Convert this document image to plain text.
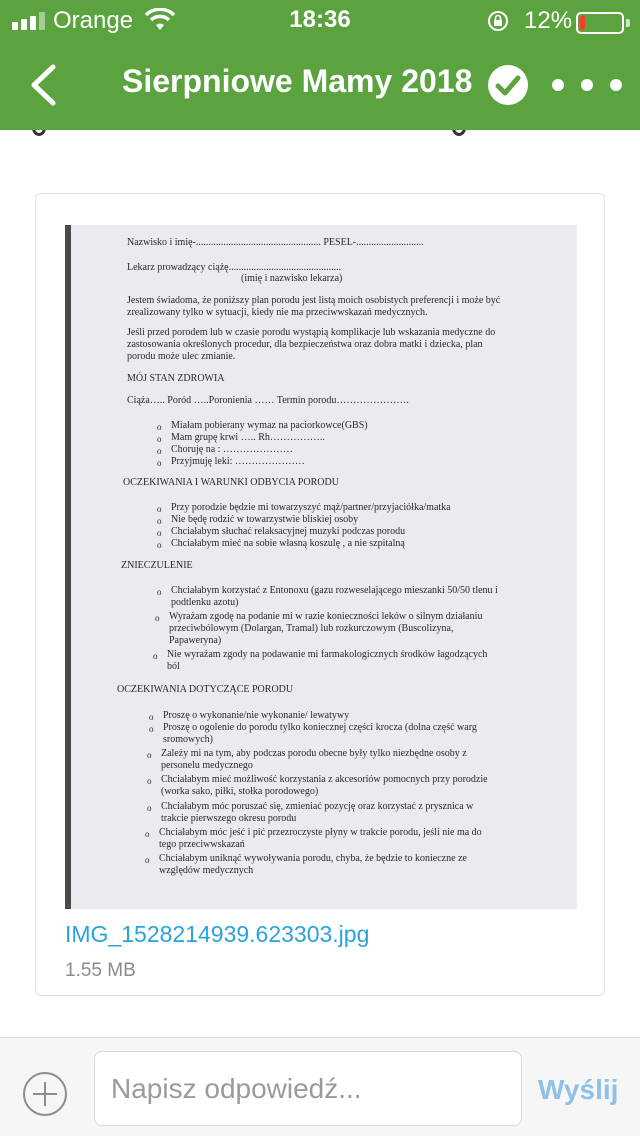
Orange	18:36	12%
Sierpniowe Mamy 2018
Nazwisko i imię-.................................................. PESEL-...........................
Lekarz prowadzący ciążę.............................................
(imię i nazwisko lekarza)
Jestem świadoma, że poniższy plan porodu jest listą moich osobistych preferencji i może być
zrealizowany tylko w sytuacji, kiedy nie ma przeciwwskazań medycznych.
Jeśli przed porodem lub w czasie porodu wystąpią komplikacje lub wskazania medyczne do
zastosowania określonych procedur, dla bezpieczeństwa oraz dobra matki i dziecka, plan
porodu może ulec zmianie.
MÓJ STAN ZDROWIA
Ciąża….. Poród …..Poronienia …… Termin porodu………………….
o Miałam pobierany wymaz na paciorkowce(GBS)
o Mam grupę krwi ….. Rh……………..
o Choruję na : …………………
o Przyjmuję leki: …………………
OCZEKIWANIA I WARUNKI ODBYCIA PORODU
o Przy porodzie będzie mi towarzyszyć mąż/partner/przyjaciółka/matka
o Nie będę rodzić w towarzystwie bliskiej osoby
o Chciałabym słuchać relaksacyjnej muzyki podczas porodu
o Chciałabym mieć na sobie własną koszulę , a nie szpitalną
ZNIECZULENIE
o Chciałabym korzystać z Entonoxu (gazu rozweselającego mieszanki 50/50 tlenu i
podtlenku azotu)
o Wyrażam zgodę na podanie mi w razie konieczności leków o silnym działaniu
przeciwbólowym (Dolargan, Tramal) lub rozkurczowym (Buscolizyna,
Papaweryna)
o Nie wyrażam zgody na podawanie mi farmakologicznych środków łagodzących
ból
OCZEKIWANIA DOTYCZĄCE PORODU
o Proszę o wykonanie/nie wykonanie/ lewatywy
o Proszę o ogolenie do porodu tylko koniecznej części krocza (dolna część warg
sromowych)
o Zależy mi na tym, aby podczas porodu obecne były tylko niezbędne osoby z
personelu medycznego
o Chciałabym mieć możliwość korzystania z akcesoriów pomocnych przy porodzie
(worka sako, piłki, stołka porodowego)
o Chciałabym móc poruszać się, zmieniać pozycję oraz korzystać z prysznica w
trakcie pierwszego okresu porodu
o Chciałabym móc jeść i pić przezroczyste płyny w trakcie porodu, jeśli nie ma do
tego przeciwwskazań
o Chciałabym uniknąć wywoływania porodu, chyba, że będzie to konieczne ze
względów medycznych
IMG_1528214939.623303.jpg
1.55 MB
Napisz odpowiedź...
Wyślij
